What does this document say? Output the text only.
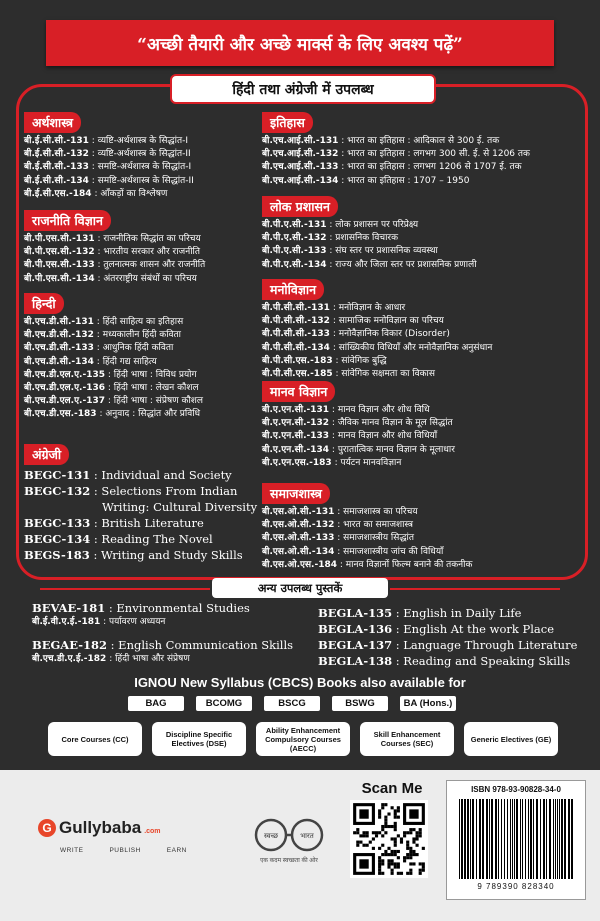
“अच्छी तैयारी और अच्छे मार्क्स के लिए अवश्य पढ़ें”
हिंदी तथा अंग्रेजी में उपलब्ध
अर्थशास्त्र
बी.ई.सी.सी.-131 : व्यष्टि-अर्थशास्त्र के सिद्धांत-I
बी.ई.सी.सी.-132 : व्यष्टि-अर्थशास्त्र के सिद्धांत-II
बी.ई.सी.सी.-133 : समष्टि-अर्थशास्त्र के सिद्धांत-I
बी.ई.सी.सी.-134 : समष्टि-अर्थशास्त्र के सिद्धांत-II
बी.ई.सी.एस.-184 : आँकड़ों का विश्लेषण
राजनीति विज्ञान
बी.पी.एस.सी.-131 : राजनीतिक सिद्धांत का परिचय
बी.पी.एस.सी.-132 : भारतीय सरकार और राजनीति
बी.पी.एस.सी.-133 : तुलनात्मक शासन और राजनीति
बी.पी.एस.सी.-134 : अंतरराष्ट्रीय संबंधों का परिचय
हिन्दी
बी.एच.डी.सी.-131 : हिंदी साहित्य का इतिहास
बी.एच.डी.सी.-132 : मध्यकालीन हिंदी कविता
बी.एच.डी.सी.-133 : आधुनिक हिंदी कविता
बी.एच.डी.सी.-134 : हिंदी गद्य साहित्य
बी.एच.डी.एल.ए.-135 : हिंदी भाषा : विविध प्रयोग
बी.एच.डी.एल.ए.-136 : हिंदी भाषा : लेखन कौशल
बी.एच.डी.एल.ए.-137 : हिंदी भाषा : संप्रेषण कौशल
बी.एच.डी.एस.-183 : अनुवाद : सिद्धांत और प्रविधि
अंग्रेजी
BEGC-131 : Individual and Society
BEGC-132 : Selections From Indian
Writing: Cultural Diversity
BEGC-133 : British Literature
BEGC-134 : Reading The Novel
BEGS-183 : Writing and Study Skills
इतिहास
बी.एच.आई.सी.-131 : भारत का इतिहास : आदिकाल से 300 ई. तक
बी.एच.आई.सी.-132 : भारत का इतिहास : लगभग 300 सी. ई. से 1206 तक
बी.एच.आई.सी.-133 : भारत का इतिहास : लगभग 1206 से 1707 ई. तक
बी.एच.आई.सी.-134 : भारत का इतिहास : 1707 – 1950
लोक प्रशासन
बी.पी.ए.सी.-131 : लोक प्रशासन पर परिप्रेक्ष्य
बी.पी.ए.सी.-132 : प्रशासनिक विचारक
बी.पी.ए.सी.-133 : संघ स्तर पर प्रशासनिक व्यवस्था
बी.पी.ए.सी.-134 : राज्य और जिला स्तर पर प्रशासनिक प्रणाली
मनोविज्ञान
बी.पी.सी.सी.-131 : मनोविज्ञान के आधार
बी.पी.सी.सी.-132 : सामाजिक मनोविज्ञान का परिचय
बी.पी.सी.सी.-133 : मनोवैज्ञानिक विकार (Disorder)
बी.पी.सी.सी.-134 : सांख्यिकीय विधियाँ और मनोवैज्ञानिक अनुसंधान
बी.पी.सी.एस.-183 : सांवेगिक बुद्धि
बी.पी.सी.एस.-185 : सांवेगिक सक्षमता का विकास
मानव विज्ञान
बी.ए.एन.सी.-131 : मानव विज्ञान और शोध विधि
बी.ए.एन.सी.-132 : जैविक मानव विज्ञान के मूल सिद्धांत
बी.ए.एन.सी.-133 : मानव विज्ञान और शोध विधियाँ
बी.ए.एन.सी.-134 : पुरातात्विक मानव विज्ञान के मूलाधार
बी.ए.एन.एस.-183 : पर्यटन मानवविज्ञान
समाजशास्त्र
बी.एस.ओ.सी.-131 : समाजशास्त्र का परिचय
बी.एस.ओ.सी.-132 : भारत का समाजशास्त्र
बी.एस.ओ.सी.-133 : समाजशास्त्रीय सिद्धांत
बी.एस.ओ.सी.-134 : समाजशास्त्रीय जांच की विधियाँ
बी.एस.ओ.एस.-184 : मानव विज्ञानों फिल्म बनाने की तकनीक
अन्य उपलब्ध पुस्तकें
BEVAE-181 : Environmental Studies
बी.ई.वी.ए.ई.-181 : पर्यावरण अध्ययन
BEGAE-182 : English Communication Skills
बी.एच.डी.ए.ई.-182 : हिंदी भाषा और संप्रेषण
BEGLA-135 : English in Daily Life
BEGLA-136 : English At the work Place
BEGLA-137 : Language Through Literature
BEGLA-138 : Reading and Speaking Skills
IGNOU New Syllabus (CBCS) Books also available for
BAG	BCOMG	BSCG	BSWG	BA (Hons.)
Core Courses (CC)	Discipline Specific Electives (DSE)
Ability Enhancement Compulsory Courses (AECC)
Skill Enhancement Courses (SEC)	Generic Electives (GE)
G Gullybaba .com
WRITE	PUBLISH	EARN
स्वच्छ	भारत
एक कदम स्वच्छता की ओर
Scan Me	ISBN 978-93-90828-34-0
9 789390 828340
